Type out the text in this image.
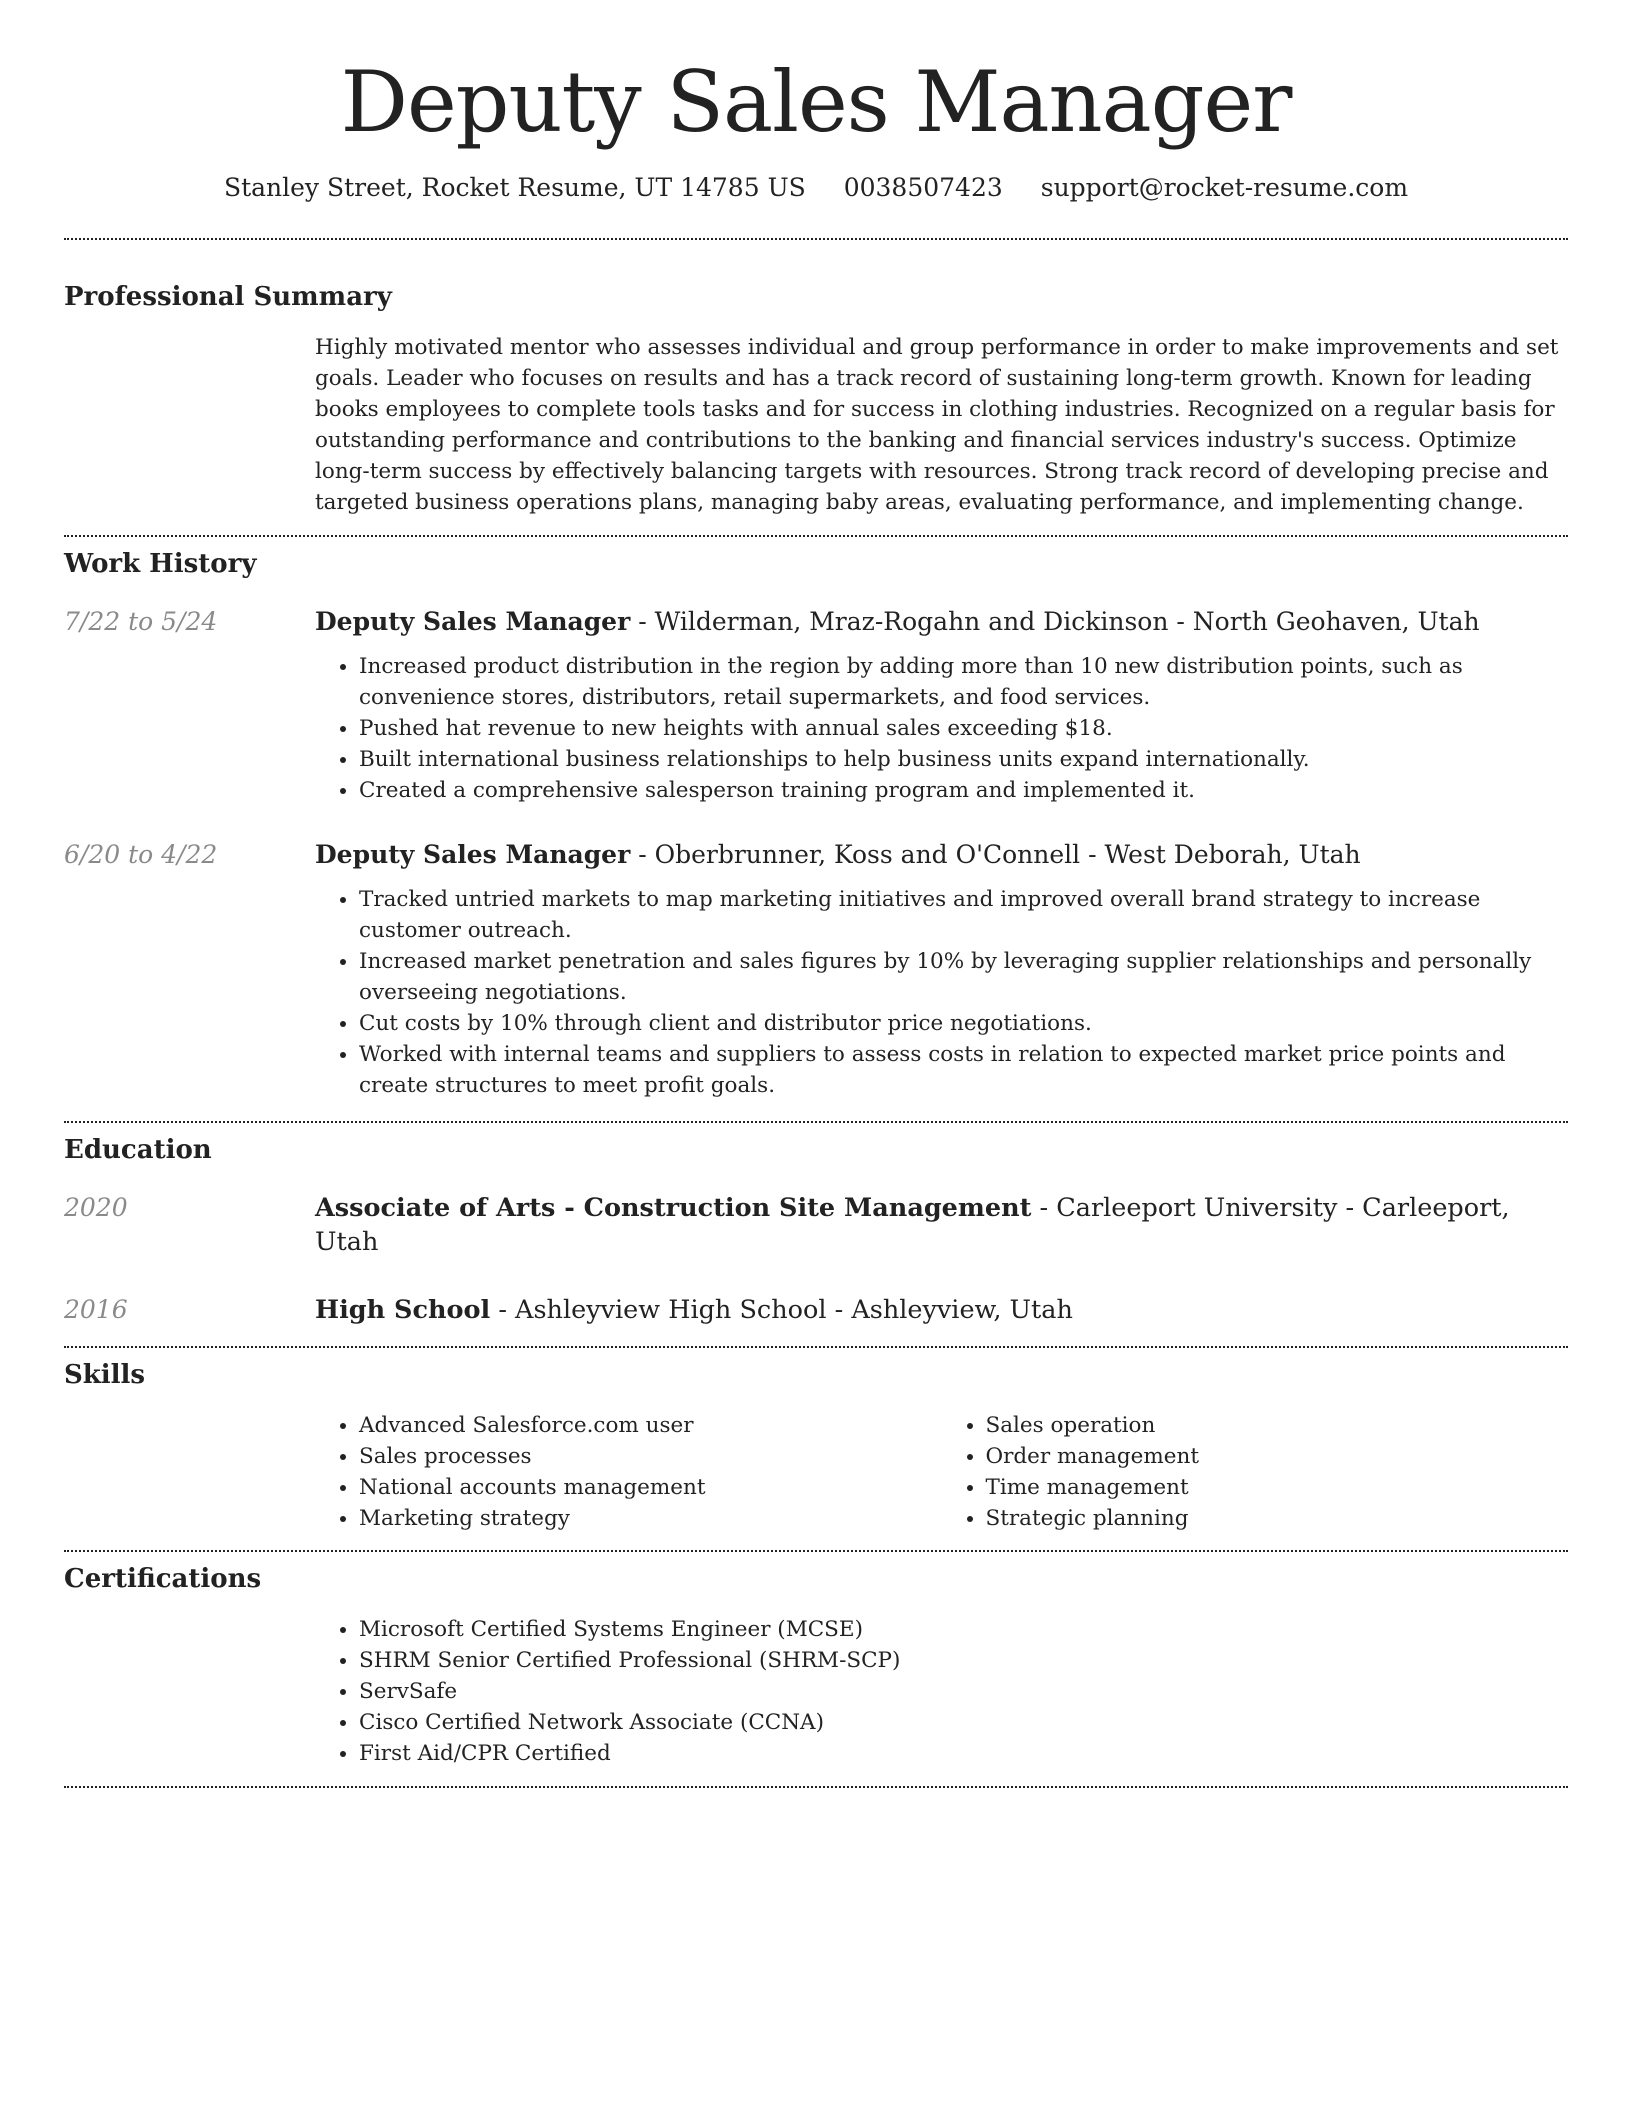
Deputy Sales Manager
Stanley Street, Rocket Resume, UT 14785 US 0038507423 support@rocket-resume.com
Professional Summary

Highly motivated mentor who assesses individual and group performance in order to make improvements and set goals. Leader who focuses on results and has a track record of sustaining long-term growth. Known for leading books employees to complete tools tasks and for success in clothing industries. Recognized on a regular basis for outstanding performance and contributions to the banking and financial services industry's success. Optimize long-term success by effectively balancing targets with resources. Strong track record of developing precise and targeted business operations plans, managing baby areas, evaluating performance, and implementing change.

Work History
7/22 to 5/24	Deputy Sales Manager - Wilderman, Mraz-Rogahn and Dickinson - North Geohaven, Utah

• Increased product distribution in the region by adding more than 10 new distribution points, such as convenience stores, distributors, retail supermarkets, and food services.
• Pushed hat revenue to new heights with annual sales exceeding $18.
• Built international business relationships to help business units expand internationally.
• Created a comprehensive salesperson training program and implemented it.
6/20 to 4/22	Deputy Sales Manager - Oberbrunner, Koss and O'Connell - West Deborah, Utah

• Tracked untried markets to map marketing initiatives and improved overall brand strategy to increase customer outreach.
• Increased market penetration and sales figures by 10% by leveraging supplier relationships and personally overseeing negotiations.
• Cut costs by 10% through client and distributor price negotiations.
• Worked with internal teams and suppliers to assess costs in relation to expected market price points and create structures to meet profit goals.
Education
2020	Associate of Arts - Construction Site Management - Carleeport University - Carleeport, Utah

2016	High School - Ashleyview High School - Ashleyview, Utah

Skills
• Advanced Salesforce.com user
• Sales processes
• National accounts management
• Marketing strategy
• Sales operation
• Order management
• Time management
• Strategic planning
Certifications
• Microsoft Certified Systems Engineer (MCSE)
• SHRM Senior Certified Professional (SHRM-SCP)
• ServSafe
• Cisco Certified Network Associate (CCNA)
• First Aid/CPR Certified
